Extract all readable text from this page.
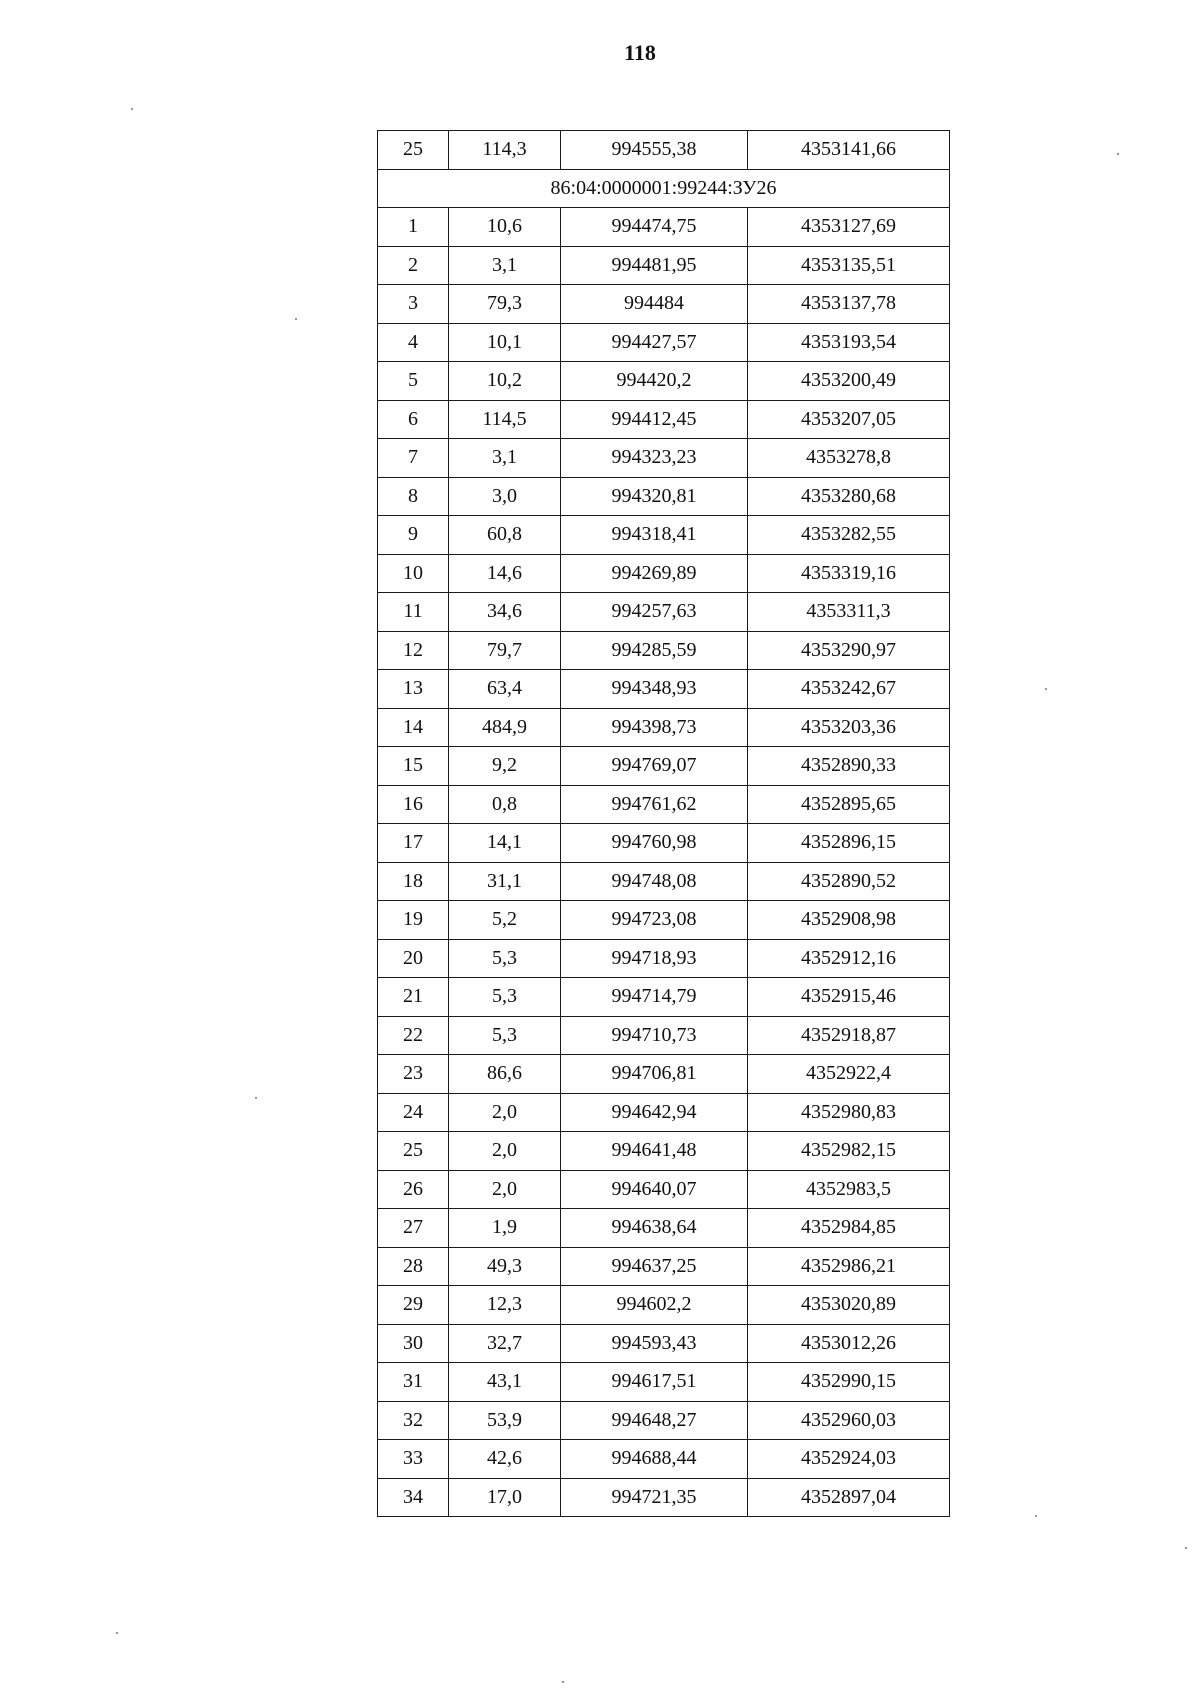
118
25	114,3	994555,38	4353141,66
86:04:0000001:99244:ЗУ26			
1	10,6	994474,75	4353127,69
2	3,1	994481,95	4353135,51
3	79,3	994484	4353137,78
4	10,1	994427,57	4353193,54
5	10,2	994420,2	4353200,49
6	114,5	994412,45	4353207,05
7	3,1	994323,23	4353278,8
8	3,0	994320,81	4353280,68
9	60,8	994318,41	4353282,55
10	14,6	994269,89	4353319,16
11	34,6	994257,63	4353311,3
12	79,7	994285,59	4353290,97
13	63,4	994348,93	4353242,67
14	484,9	994398,73	4353203,36
15	9,2	994769,07	4352890,33
16	0,8	994761,62	4352895,65
17	14,1	994760,98	4352896,15
18	31,1	994748,08	4352890,52
19	5,2	994723,08	4352908,98
20	5,3	994718,93	4352912,16
21	5,3	994714,79	4352915,46
22	5,3	994710,73	4352918,87
23	86,6	994706,81	4352922,4
24	2,0	994642,94	4352980,83
25	2,0	994641,48	4352982,15
26	2,0	994640,07	4352983,5
27	1,9	994638,64	4352984,85
28	49,3	994637,25	4352986,21
29	12,3	994602,2	4353020,89
30	32,7	994593,43	4353012,26
31	43,1	994617,51	4352990,15
32	53,9	994648,27	4352960,03
33	42,6	994688,44	4352924,03
34	17,0	994721,35	4352897,04
